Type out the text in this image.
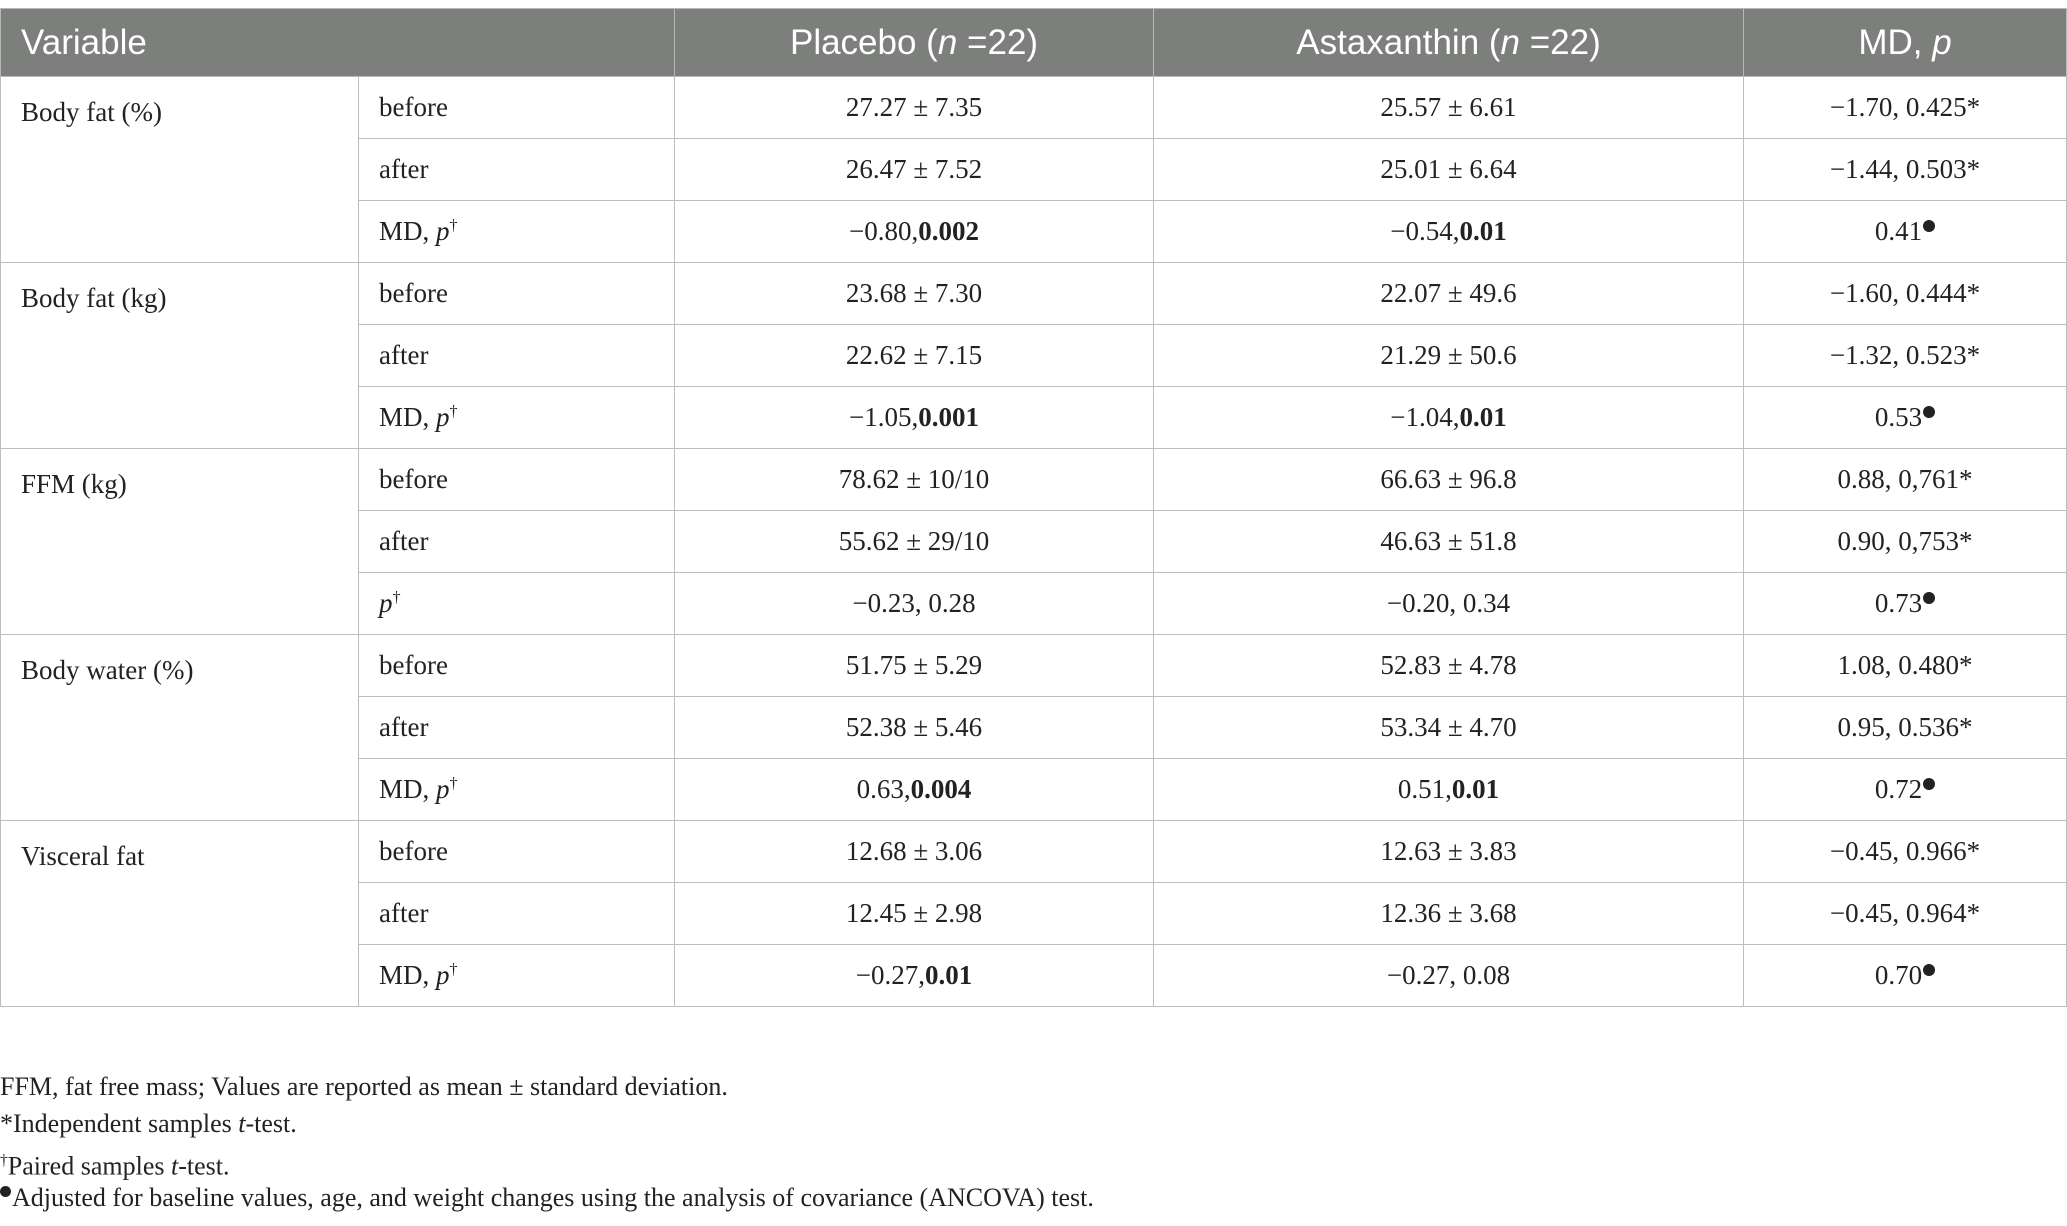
Variable		Placebo (n =22)	Astaxanthin (n =22)	MD, p
Body fat (%)	before	27.27 ± 7.35	25.57 ± 6.61	−1.70, 0.425*
	after	26.47 ± 7.52	25.01 ± 6.64	−1.44, 0.503*
	MD, p†	−0.80,0.002	−0.54,0.01	0.41
Body fat (kg)	before	23.68 ± 7.30	22.07 ± 49.6	−1.60, 0.444*
	after	22.62 ± 7.15	21.29 ± 50.6	−1.32, 0.523*
	MD, p†	−1.05,0.001	−1.04,0.01	0.53
FFM (kg)	before	78.62 ± 10/10	66.63 ± 96.8	0.88, 0,761*
	after	55.62 ± 29/10	46.63 ± 51.8	0.90, 0,753*
	p†	−0.23, 0.28	−0.20, 0.34	0.73
Body water (%)	before	51.75 ± 5.29	52.83 ± 4.78	1.08, 0.480*
	after	52.38 ± 5.46	53.34 ± 4.70	0.95, 0.536*
	MD, p†	0.63,0.004	0.51,0.01	0.72
Visceral fat	before	12.68 ± 3.06	12.63 ± 3.83	−0.45, 0.966*
	after	12.45 ± 2.98	12.36 ± 3.68	−0.45, 0.964*
	MD, p†	−0.27,0.01	−0.27, 0.08	0.70
FFM, fat free mass; Values are reported as mean ± standard deviation.
*Independent samples t-test.
†Paired samples t-test.
Adjusted for baseline values, age, and weight changes using the analysis of covariance (ANCOVA) test.
